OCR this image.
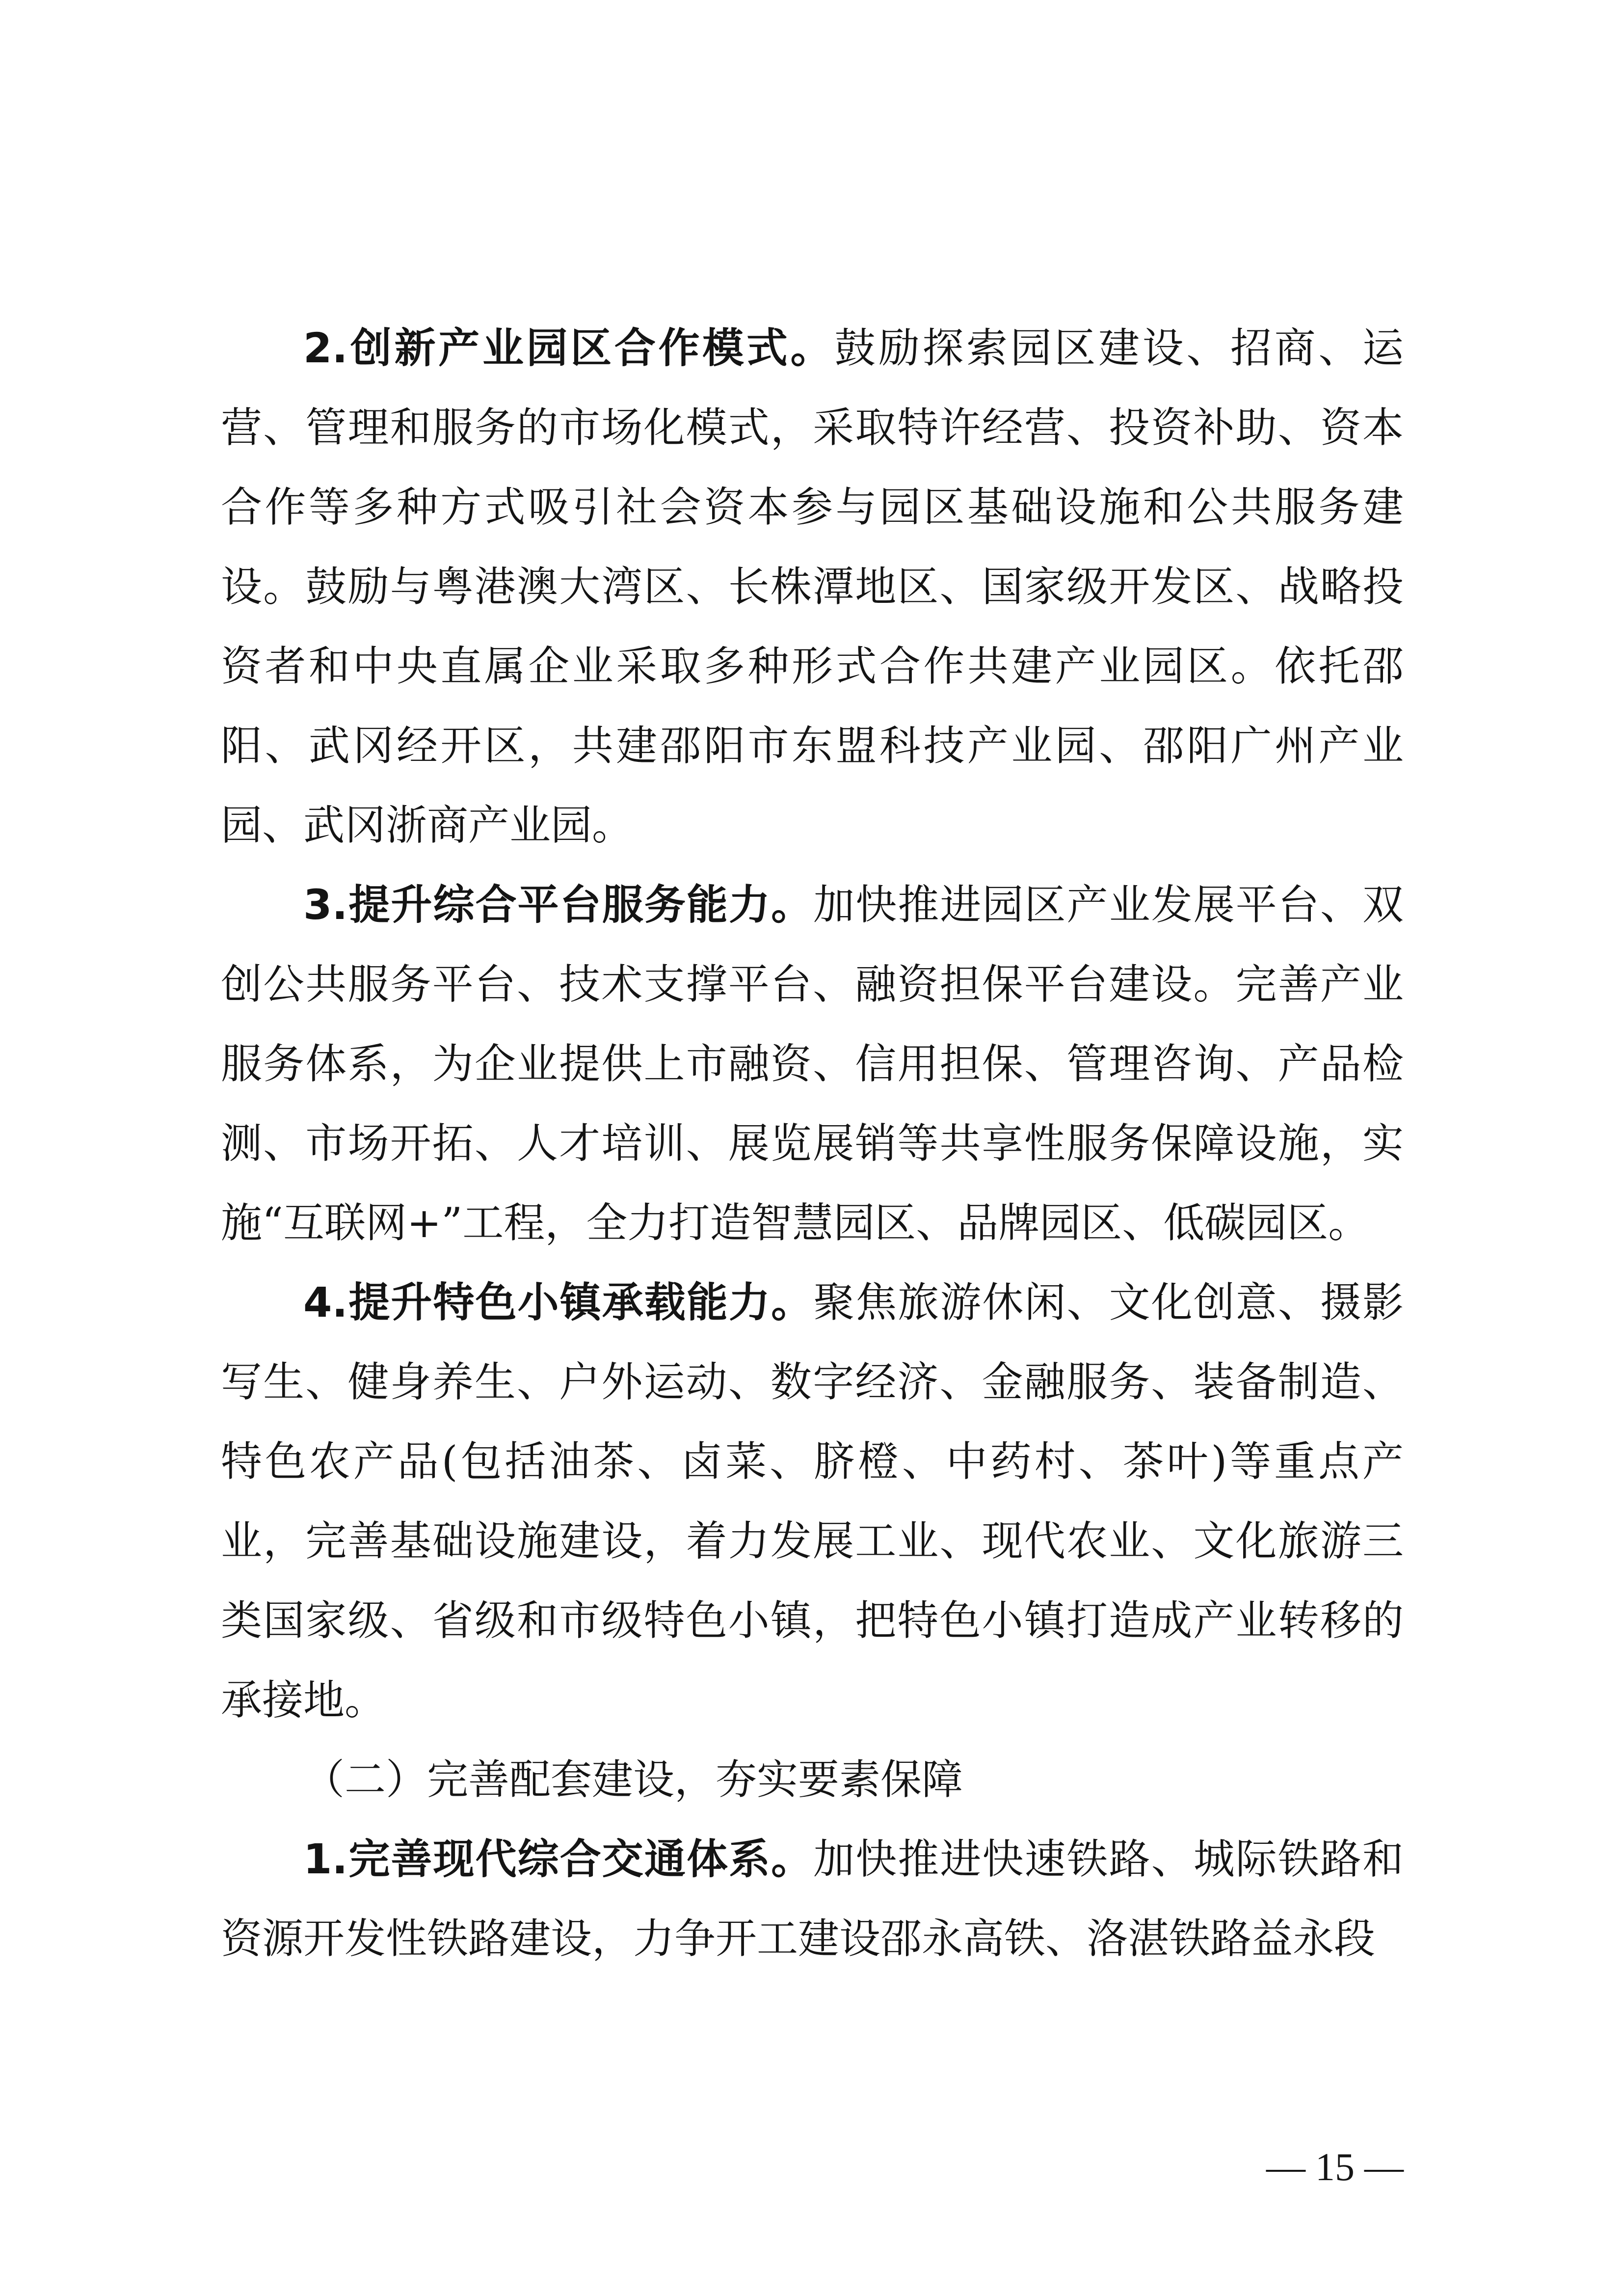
2.创新产业园区合作模式。鼓励探索园区建设、招商、运营、管理和服务的市场化模式，采取特许经营、投资补助、资本合作等多种方式吸引社会资本参与园区基础设施和公共服务建设。鼓励与粤港澳大湾区、长株潭地区、国家级开发区、战略投资者和中央直属企业采取多种形式合作共建产业园区。依托邵阳、武冈经开区，共建邵阳市东盟科技产业园、邵阳广州产业园、武冈浙商产业园。

3.提升综合平台服务能力。加快推进园区产业发展平台、双创公共服务平台、技术支撑平台、融资担保平台建设。完善产业服务体系，为企业提供上市融资、信用担保、管理咨询、产品检测、市场开拓、人才培训、展览展销等共享性服务保障设施，实施“互联网+”工程，全力打造智慧园区、品牌园区、低碳园区。

4.提升特色小镇承载能力。聚焦旅游休闲、文化创意、摄影写生、健身养生、户外运动、数字经济、金融服务、装备制造、特色农产品(包括油茶、卤菜、脐橙、中药村、茶叶)等重点产业，完善基础设施建设，着力发展工业、现代农业、文化旅游三类国家级、省级和市级特色小镇，把特色小镇打造成产业转移的承接地。

（二）完善配套建设，夯实要素保障

1.完善现代综合交通体系。加快推进快速铁路、城际铁路和资源开发性铁路建设，力争开工建设邵永高铁、洛湛铁路益永段

— 15 —
